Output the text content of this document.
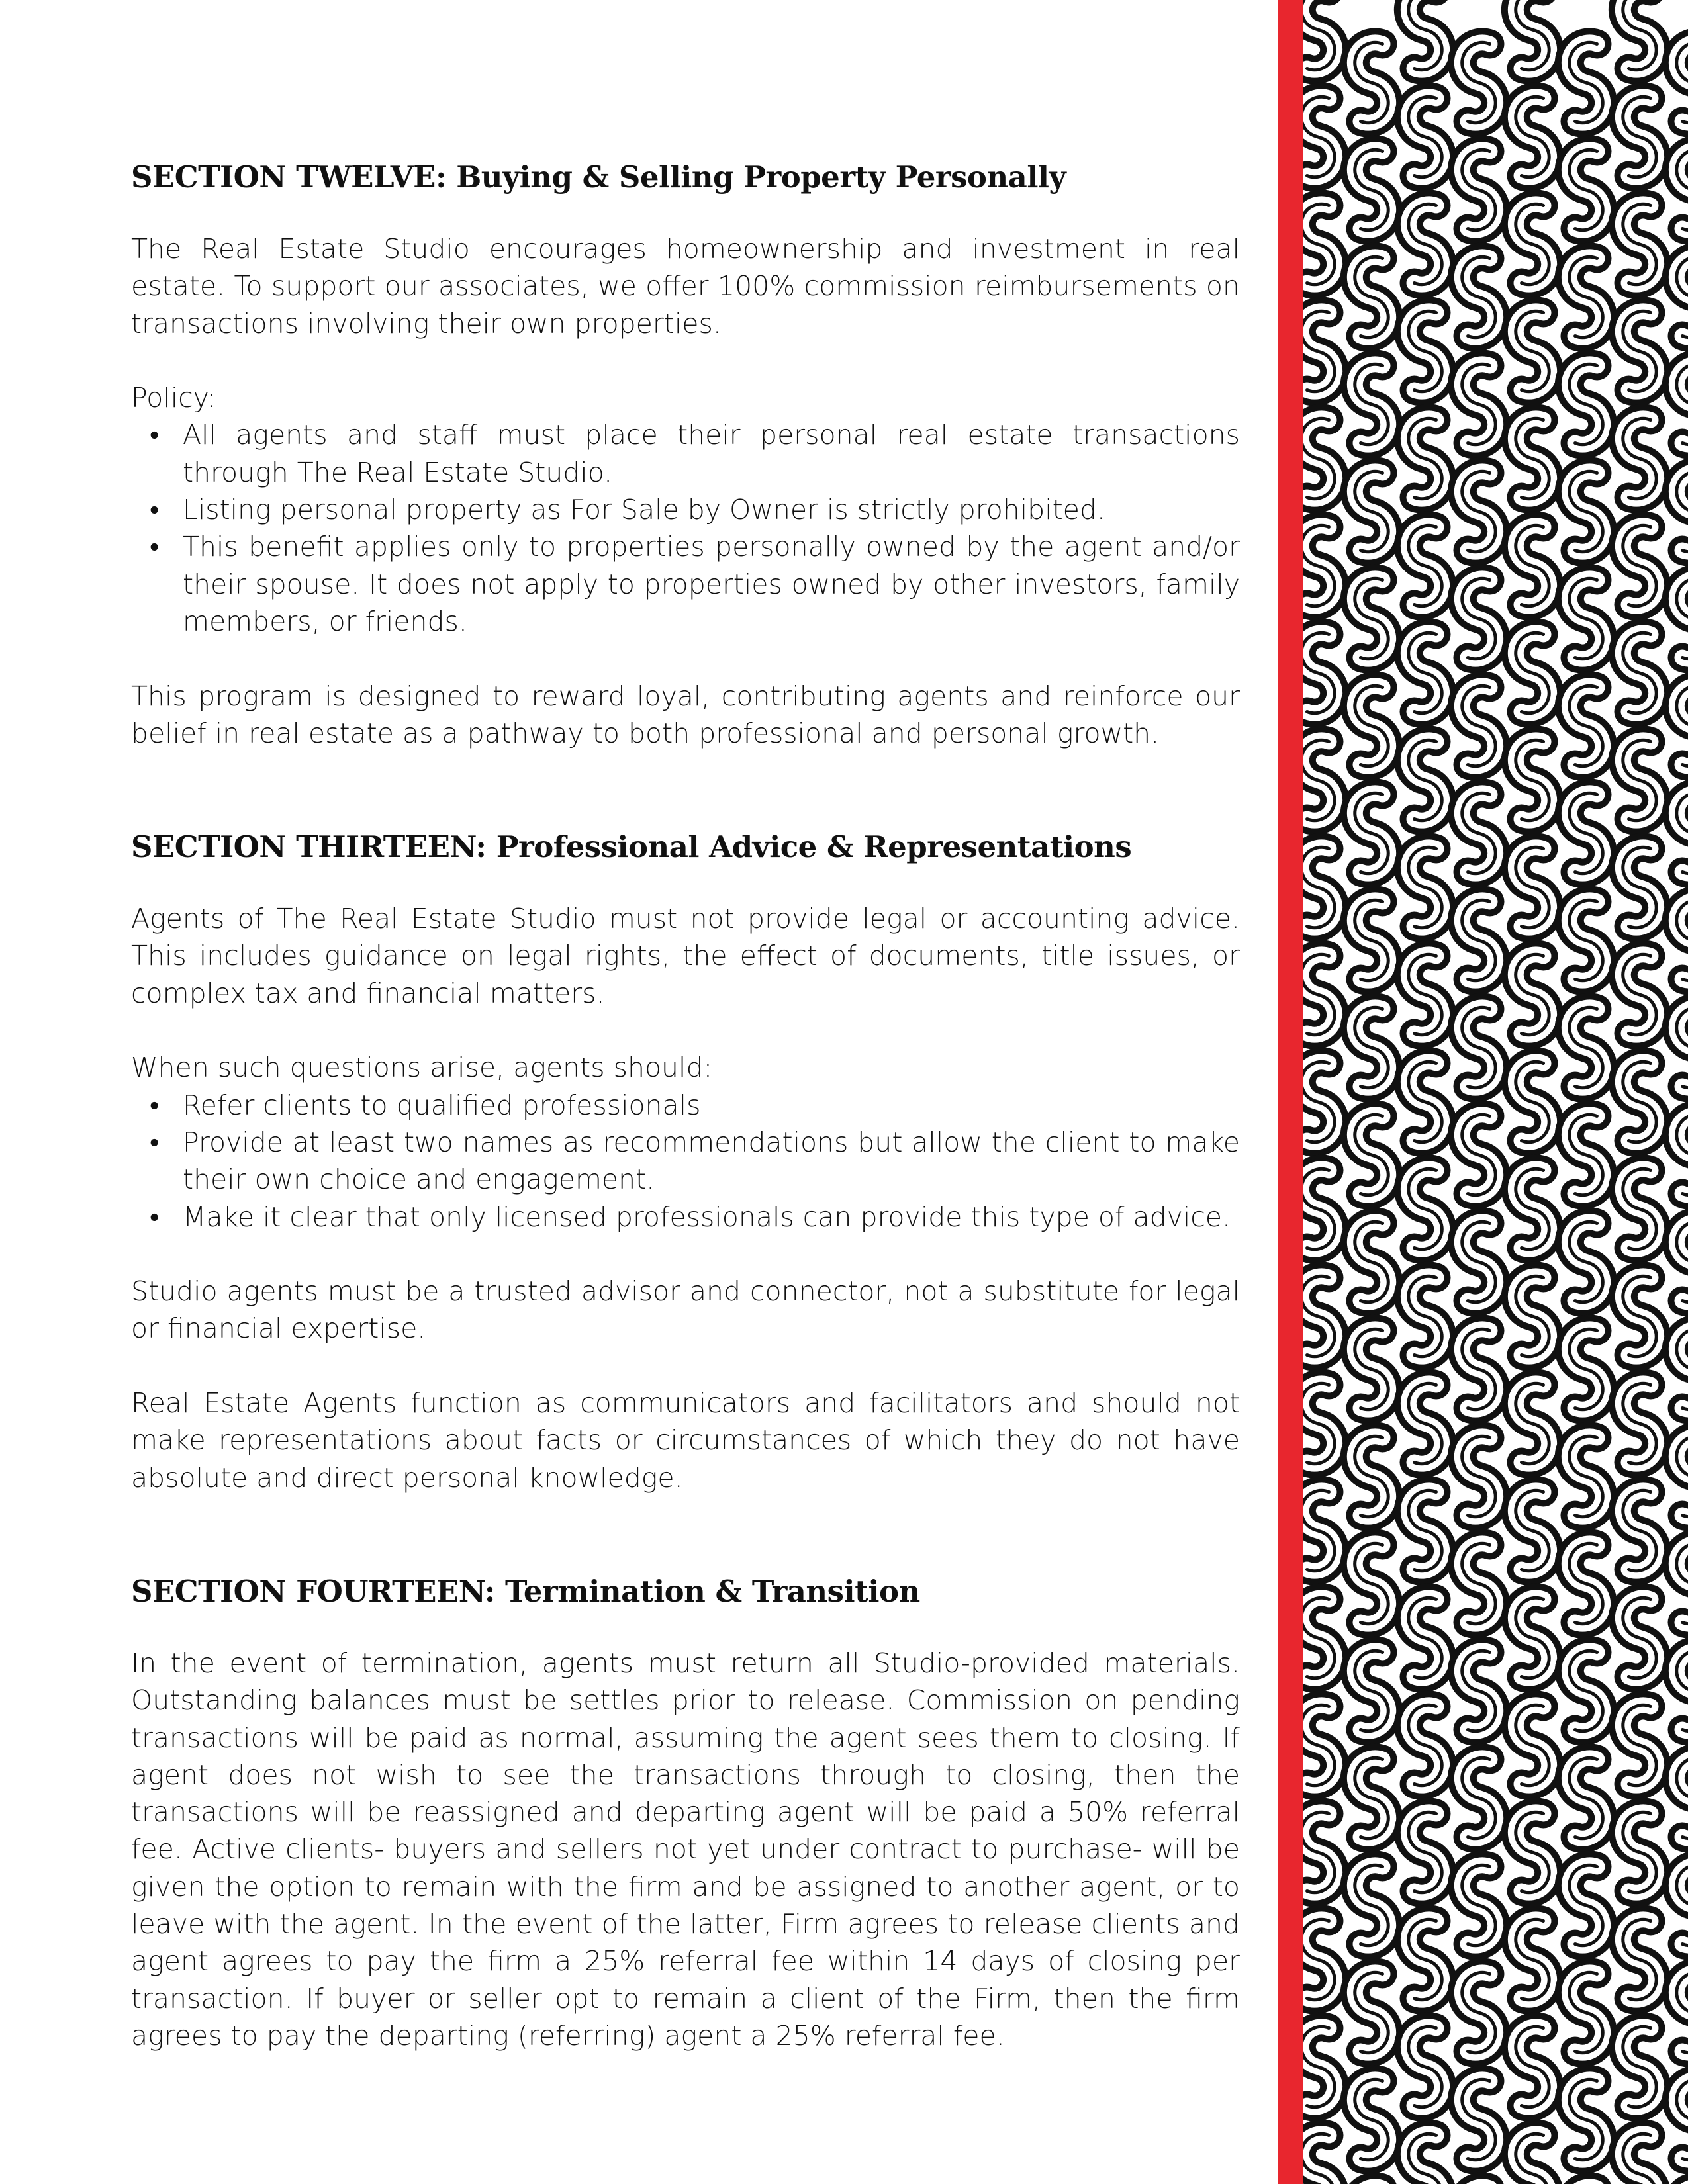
SECTION TWELVE: Buying & Selling Property Personally

The Real Estate Studio encourages homeownership and investment in real estate. To support our associates, we offer 100% commission reimbursements on transactions involving their own properties.

Policy:

• All agents and staff must place their personal real estate transactions through The Real Estate Studio.
• Listing personal property as For Sale by Owner is strictly prohibited.
• This benefit applies only to properties personally owned by the agent and/or their spouse. It does not apply to properties owned by other investors, family members, or friends.

This program is designed to reward loyal, contributing agents and reinforce our belief in real estate as a pathway to both professional and personal growth.

SECTION THIRTEEN: Professional Advice & Representations

Agents of The Real Estate Studio must not provide legal or accounting advice. This includes guidance on legal rights, the effect of documents, title issues, or complex tax and financial matters.

When such questions arise, agents should:

• Refer clients to qualified professionals
• Provide at least two names as recommendations but allow the client to make their own choice and engagement.
• Make it clear that only licensed professionals can provide this type of advice.

Studio agents must be a trusted advisor and connector, not a substitute for legal or financial expertise.

Real Estate Agents function as communicators and facilitators and should not make representations about facts or circumstances of which they do not have absolute and direct personal knowledge.

SECTION FOURTEEN: Termination & Transition

In the event of termination, agents must return all Studio-provided materials. Outstanding balances must be settles prior to release. Commission on pending transactions will be paid as normal, assuming the agent sees them to closing. If agent does not wish to see the transactions through to closing, then the transactions will be reassigned and departing agent will be paid a 50% referral fee. Active clients- buyers and sellers not yet under contract to purchase- will be given the option to remain with the firm and be assigned to another agent, or to leave with the agent. In the event of the latter, Firm agrees to release clients and agent agrees to pay the firm a 25% referral fee within 14 days of closing per transaction. If buyer or seller opt to remain a client of the Firm, then the firm agrees to pay the departing (referring) agent a 25% referral fee.
